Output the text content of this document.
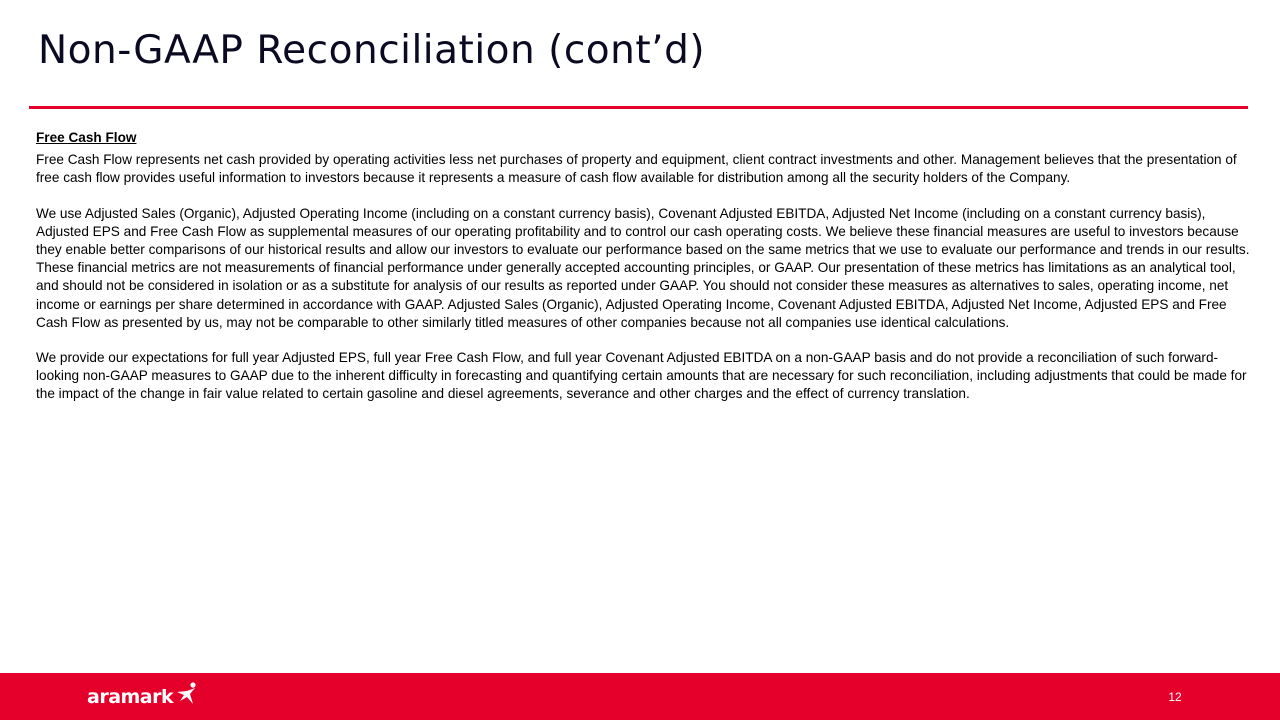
Non-GAAP Reconciliation (cont’d)

Free Cash Flow

Free Cash Flow represents net cash provided by operating activities less net purchases of property and equipment, client contract investments and other. Management believes that the presentation of free cash flow provides useful information to investors because it represents a measure of cash flow available for distribution among all the security holders of the Company.

We use Adjusted Sales (Organic), Adjusted Operating Income (including on a constant currency basis), Covenant Adjusted EBITDA, Adjusted Net Income (including on a constant currency basis), Adjusted EPS and Free Cash Flow as supplemental measures of our operating profitability and to control our cash operating costs. We believe these financial measures are useful to investors because they enable better comparisons of our historical results and allow our investors to evaluate our performance based on the same metrics that we use to evaluate our performance and trends in our results. These financial metrics are not measurements of financial performance under generally accepted accounting principles, or GAAP. Our presentation of these metrics has limitations as an analytical tool, and should not be considered in isolation or as a substitute for analysis of our results as reported under GAAP. You should not consider these measures as alternatives to sales, operating income, net income or earnings per share determined in accordance with GAAP. Adjusted Sales (Organic), Adjusted Operating Income, Covenant Adjusted EBITDA, Adjusted Net Income, Adjusted EPS and Free Cash Flow as presented by us, may not be comparable to other similarly titled measures of other companies because not all companies use identical calculations.

We provide our expectations for full year Adjusted EPS, full year Free Cash Flow, and full year Covenant Adjusted EBITDA on a non-GAAP basis and do not provide a reconciliation of such forward-looking non-GAAP measures to GAAP due to the inherent difficulty in forecasting and quantifying certain amounts that are necessary for such reconciliation, including adjustments that could be made for the impact of the change in fair value related to certain gasoline and diesel agreements, severance and other charges and the effect of currency translation.

aramark	12
